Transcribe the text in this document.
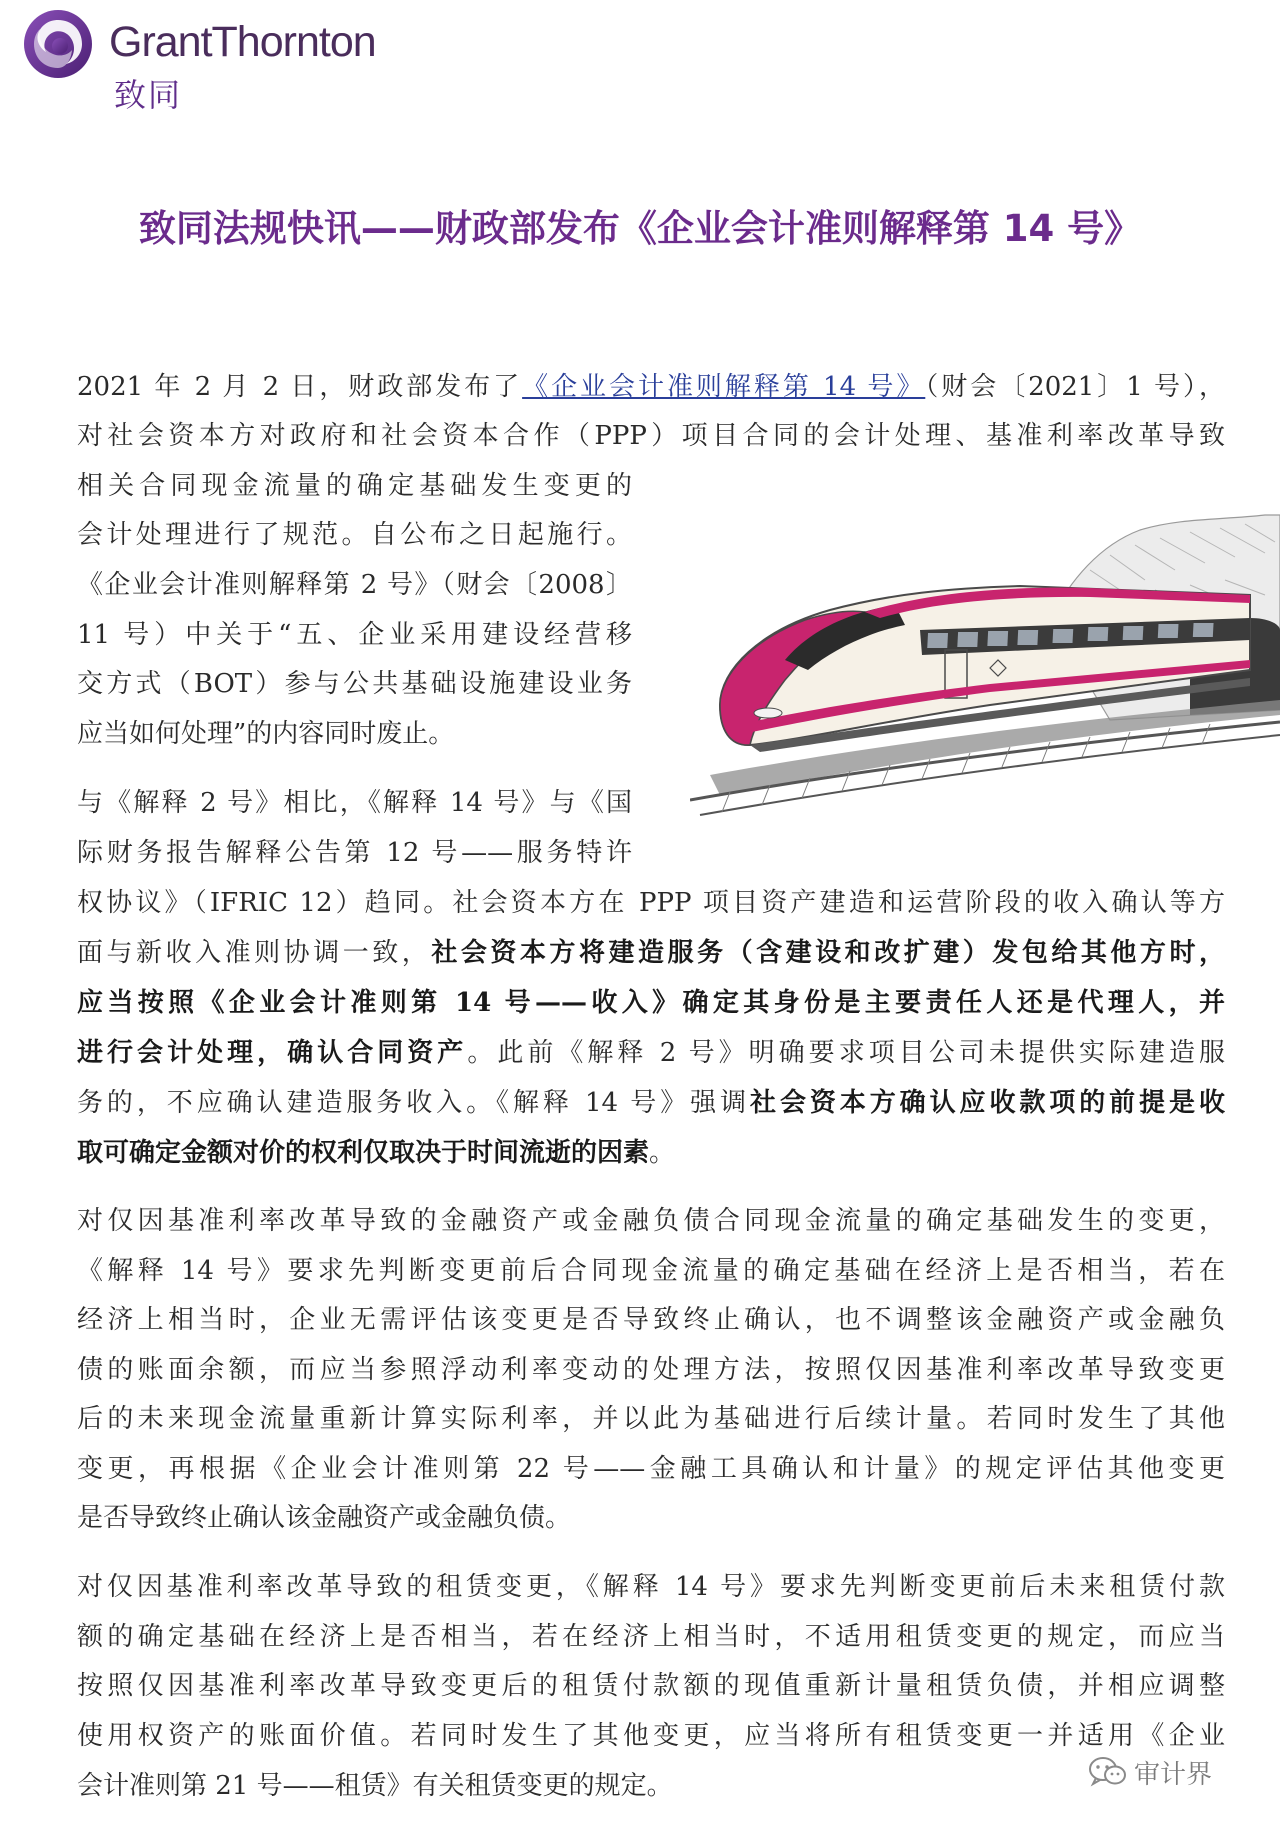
GrantThornton
致同
致同法规快讯——财政部发布《企业会计准则解释第 14 号》
2021 年 2 月 2 日，财政部发布了《企业会计准则解释第 14 号》（财会〔2021〕1 号），
对社会资本方对政府和社会资本合作（PPP）项目合同的会计处理、基准利率改革导致
相关合同现金流量的确定基础发生变更的
会计处理进行了规范。自公布之日起施行。
《企业会计准则解释第 2 号》（财会〔2008〕
11 号）中关于“五、企业采用建设经营移
交方式（BOT）参与公共基础设施建设业务
应当如何处理”的内容同时废止。
与《解释 2 号》相比，《解释 14 号》与《国
际财务报告解释公告第 12 号——服务特许
权协议》（IFRIC 12）趋同。社会资本方在 PPP 项目资产建造和运营阶段的收入确认等方
面与新收入准则协调一致，社会资本方将建造服务（含建设和改扩建）发包给其他方时，
应当按照《企业会计准则第 14 号——收入》确定其身份是主要责任人还是代理人，并
进行会计处理，确认合同资产。此前《解释 2 号》明确要求项目公司未提供实际建造服
务的，不应确认建造服务收入。《解释 14 号》强调社会资本方确认应收款项的前提是收
取可确定金额对价的权利仅取决于时间流逝的因素。
对仅因基准利率改革导致的金融资产或金融负债合同现金流量的确定基础发生的变更，
《解释 14 号》要求先判断变更前后合同现金流量的确定基础在经济上是否相当，若在
经济上相当时，企业无需评估该变更是否导致终止确认，也不调整该金融资产或金融负
债的账面余额，而应当参照浮动利率变动的处理方法，按照仅因基准利率改革导致变更
后的未来现金流量重新计算实际利率，并以此为基础进行后续计量。若同时发生了其他
变更，再根据《企业会计准则第 22 号——金融工具确认和计量》的规定评估其他变更
是否导致终止确认该金融资产或金融负债。
对仅因基准利率改革导致的租赁变更，《解释 14 号》要求先判断变更前后未来租赁付款
额的确定基础在经济上是否相当，若在经济上相当时，不适用租赁变更的规定，而应当
按照仅因基准利率改革导致变更后的租赁付款额的现值重新计量租赁负债，并相应调整
使用权资产的账面价值。若同时发生了其他变更，应当将所有租赁变更一并适用《企业
会计准则第 21 号——租赁》有关租赁变更的规定。	审计界
